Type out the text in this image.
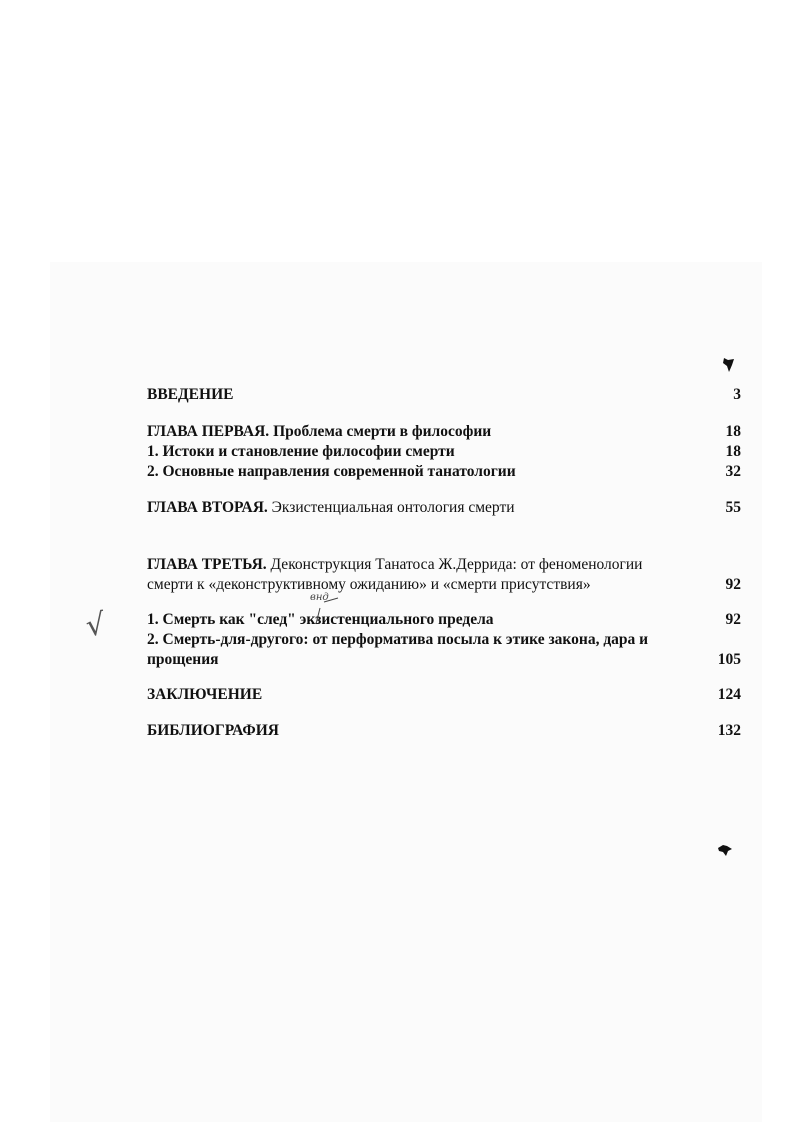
√
внд
ВВЕДЕНИЕ	3
ГЛАВА ПЕРВАЯ. Проблема смерти в философии	18
1. Истоки и становление философии смерти	18
2. Основные направления современной танатологии	32
ГЛАВА ВТОРАЯ. Экзистенциальная онтология смерти	55
ГЛАВА ТРЕТЬЯ. Деконструкция Танатоса Ж.Деррида: от феноменологии
смерти к «деконструктивному ожиданию» и «смерти присутствия»	92
1. Смерть как "след" экзистенциального предела	92
2. Смерть-для-другого: от перформатива посыла к этике закона, дара и
прощения	105
ЗАКЛЮЧЕНИЕ	124
БИБЛИОГРАФИЯ	132
